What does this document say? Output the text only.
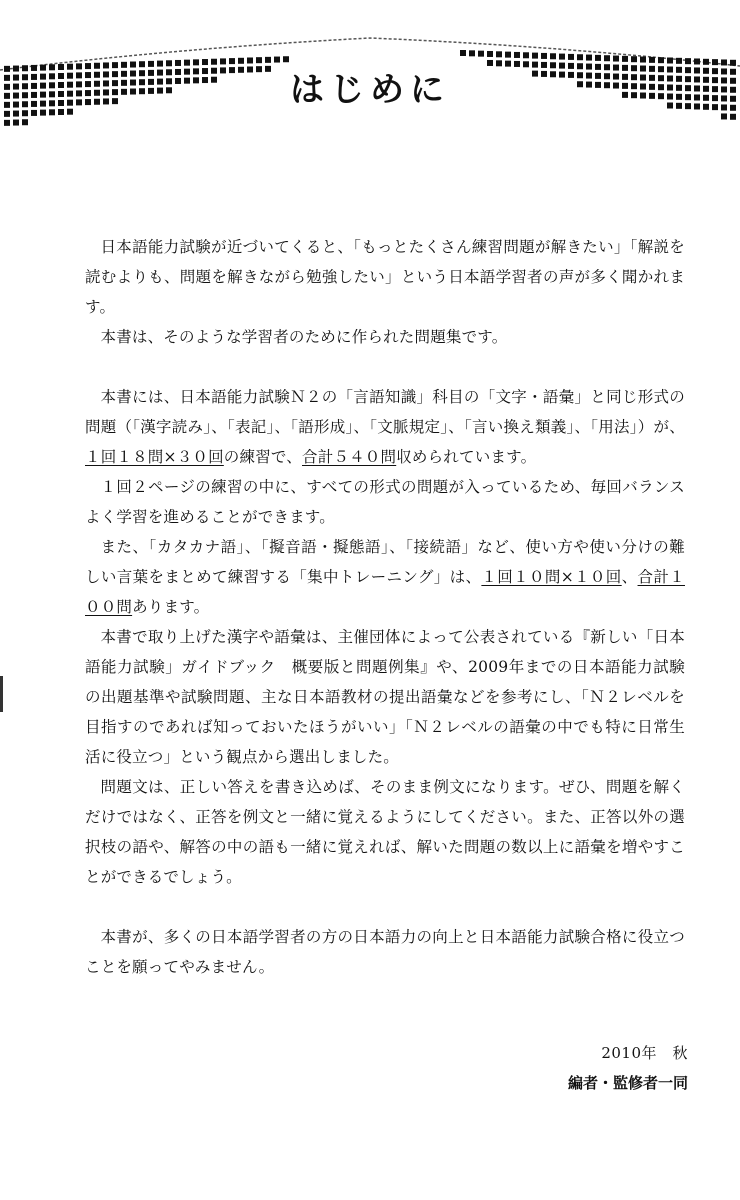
はじめに

日本語能力試験が近づいてくると、「もっとたくさん練習問題が解きたい」「解説を読むよりも、問題を解きながら勉強したい」という日本語学習者の声が多く聞かれます。

本書は、そのような学習者のために作られた問題集です。

本書には、日本語能力試験Ｎ２の「言語知識」科目の「文字・語彙」と同じ形式の問題（「漢字読み」、「表記」、「語形成」、「文脈規定」、「言い換え類義」、「用法」）が、１回１８問×３０回の練習で、合計５４０問収められています。

１回２ページの練習の中に、すべての形式の問題が入っているため、毎回バランスよく学習を進めることができます。

また、「カタカナ語」、「擬音語・擬態語」、「接続語」など、使い方や使い分けの難しい言葉をまとめて練習する「集中トレーニング」は、１回１０問×１０回、合計１００問あります。

本書で取り上げた漢字や語彙は、主催団体によって公表されている『新しい「日本語能力試験」ガイドブック　概要版と問題例集』や、2009年までの日本語能力試験の出題基準や試験問題、主な日本語教材の提出語彙などを参考にし、「Ｎ２レベルを目指すのであれば知っておいたほうがいい」「Ｎ２レベルの語彙の中でも特に日常生活に役立つ」という観点から選出しました。

問題文は、正しい答えを書き込めば、そのまま例文になります。ぜひ、問題を解くだけではなく、正答を例文と一緒に覚えるようにしてください。また、正答以外の選択枝の語や、解答の中の語も一緒に覚えれば、解いた問題の数以上に語彙を増やすことができるでしょう。

本書が、多くの日本語学習者の方の日本語力の向上と日本語能力試験合格に役立つことを願ってやみません。

2010年　秋
編者・監修者一同
